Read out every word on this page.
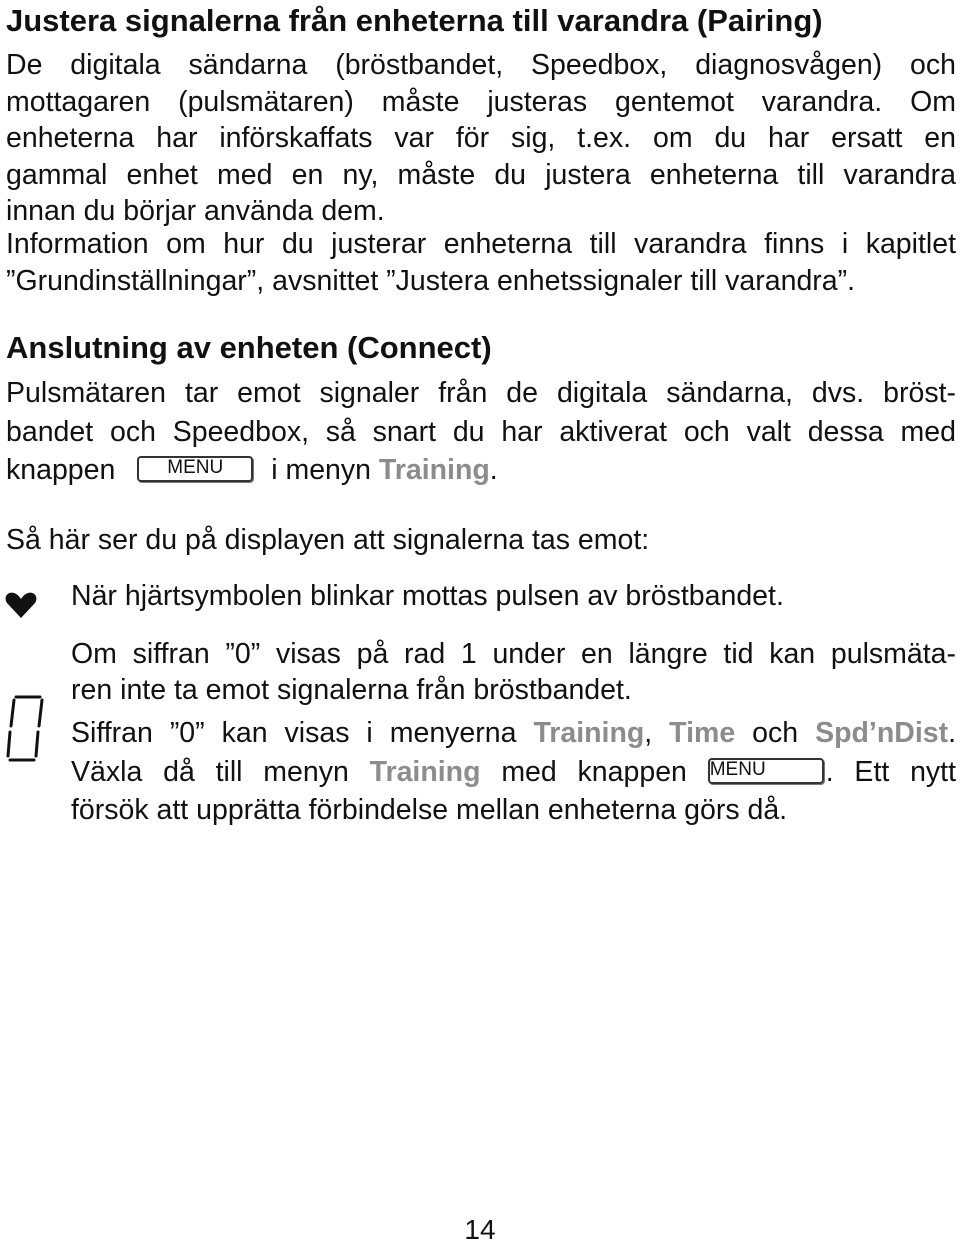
Justera signalerna från enheterna till varandra (Pairing)
De digitala sändarna (bröstbandet, Speedbox, diagnosvågen) och
mottagaren (pulsmätaren) måste justeras gentemot varandra. Om
enheterna har införskaffats var för sig, t.ex. om du har ersatt en
gammal enhet med en ny, måste du justera enheterna till varandra
innan du börjar använda dem.
Information om hur du justerar enheterna till varandra finns i kapitlet
”Grundinställningar”, avsnittet ”Justera enhetssignaler till varandra”.
Anslutning av enheten (Connect)
Pulsmätaren tar emot signaler från de digitala sändarna, dvs. bröst-
bandet och Speedbox, så snart du har aktiverat och valt dessa med
knappen	MENU i menyn Training.
Så här ser du på displayen att signalerna tas emot:
När hjärtsymbolen blinkar mottas pulsen av bröstbandet.
Om siffran ”0” visas på rad 1 under en längre tid kan pulsmäta-
ren inte ta emot signalerna från bröstbandet.
Siffran ”0” kan visas i menyerna Training, Time och Spd’nDist.
Växla då till menyn Training med knappen MENU . Ett nytt
försök att upprätta förbindelse mellan enheterna görs då.
14
